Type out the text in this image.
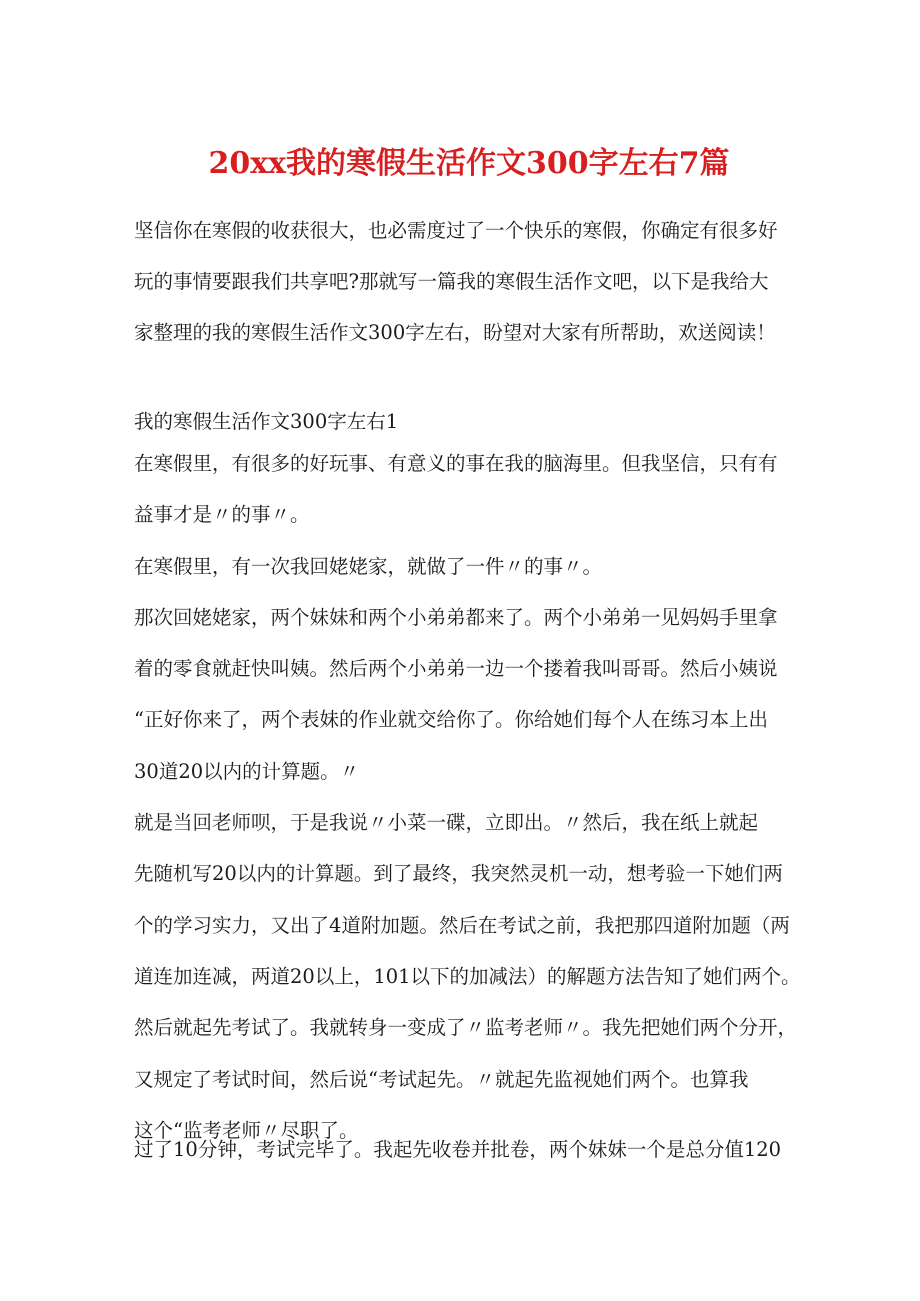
20xx我的寒假生活作文300字左右7篇
坚信你在寒假的收获很大，也必需度过了一个快乐的寒假，你确定有很多好
玩的事情要跟我们共享吧?那就写一篇我的寒假生活作文吧，以下是我给大
家整理的我的寒假生活作文300字左右，盼望对大家有所帮助，欢送阅读！
我的寒假生活作文300字左右1
在寒假里，有很多的好玩事、有意义的事在我的脑海里。但我坚信，只有有
益事才是〃的事〃。
在寒假里，有一次我回姥姥家，就做了一件〃的事〃。
那次回姥姥家，两个妹妹和两个小弟弟都来了。两个小弟弟一见妈妈手里拿
着的零食就赶快叫姨。然后两个小弟弟一边一个搂着我叫哥哥。然后小姨说
“正好你来了，两个表妹的作业就交给你了。你给她们每个人在练习本上出
30道20以内的计算题。〃
就是当回老师呗，于是我说〃小菜一碟，立即出。〃然后，我在纸上就起
先随机写20以内的计算题。到了最终，我突然灵机一动，想考验一下她们两
个的学习实力，又出了4道附加题。然后在考试之前，我把那四道附加题（两
道连加连减，两道20以上，101以下的加减法）的解题方法告知了她们两个。
然后就起先考试了。我就转身一变成了〃监考老师〃。我先把她们两个分开，
又规定了考试时间，然后说“考试起先。〃就起先监视她们两个。也算我
这个“监考老师〃尽职了。
过了10分钟，考试完毕了。我起先收卷并批卷，两个妹妹一个是总分值120
